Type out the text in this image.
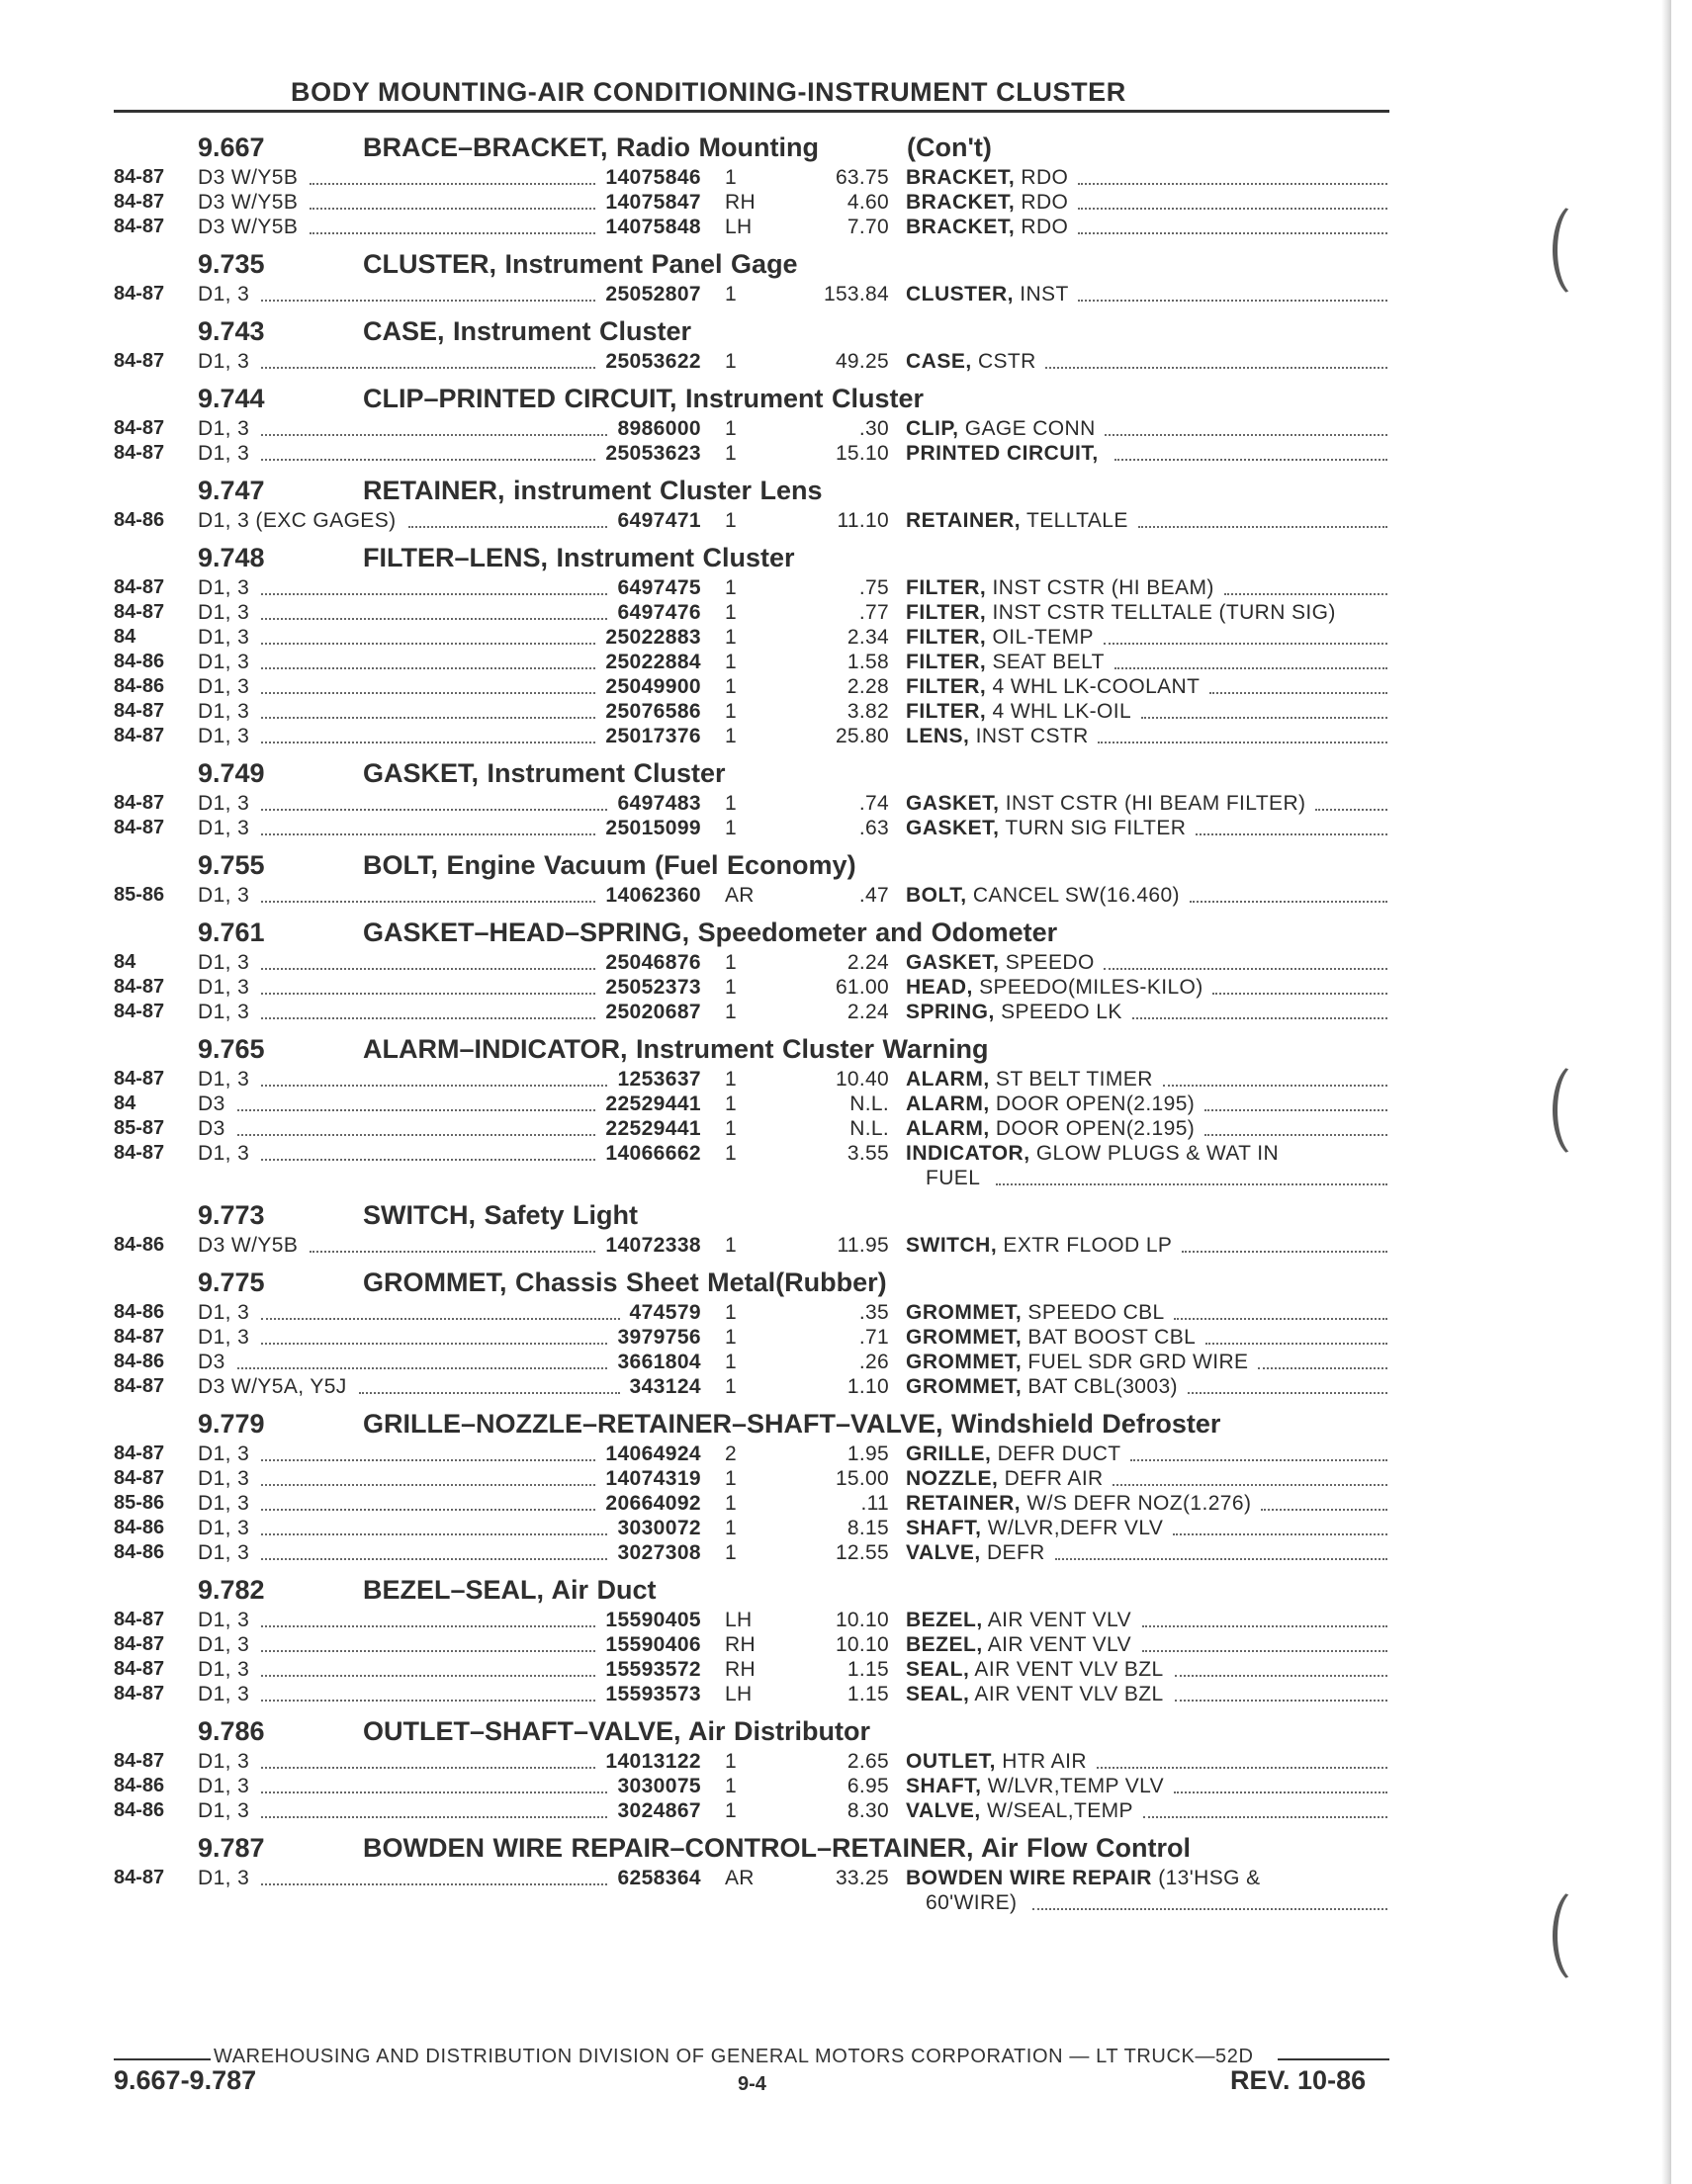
BODY MOUNTING-AIR CONDITIONING-INSTRUMENT CLUSTER
9.667	BRACE–BRACKET, Radio Mounting	(Con't)
84-87 D3 W/Y5B	14075846 1	63.75 BRACKET, RDO
84-87 D3 W/Y5B	14075847 RH	4.60 BRACKET, RDO
84-87 D3 W/Y5B	14075848 LH	7.70 BRACKET, RDO
9.735	CLUSTER, Instrument Panel Gage
84-87 D1, 3	25052807 1	153.84 CLUSTER, INST
9.743	CASE, Instrument Cluster
84-87 D1, 3	25053622 1	49.25 CASE, CSTR
9.744	CLIP–PRINTED CIRCUIT, Instrument Cluster
84-87 D1, 3	8986000 1	.30 CLIP, GAGE CONN
84-87 D1, 3	25053623 1	15.10 PRINTED CIRCUIT,
9.747	RETAINER, instrument Cluster Lens
84-86 D1, 3 (EXC GAGES)	6497471 1	11.10 RETAINER, TELLTALE
9.748	FILTER–LENS, Instrument Cluster
84-87 D1, 3	6497475 1	.75 FILTER, INST CSTR (HI BEAM)
84-87 D1, 3	6497476 1	.77 FILTER, INST CSTR TELLTALE (TURN SIG)
84	D1, 3	25022883 1	2.34 FILTER, OIL-TEMP
84-86 D1, 3	25022884 1	1.58 FILTER, SEAT BELT
84-86 D1, 3	25049900 1	2.28 FILTER, 4 WHL LK-COOLANT
84-87 D1, 3	25076586 1	3.82 FILTER, 4 WHL LK-OIL
84-87 D1, 3	25017376 1	25.80 LENS, INST CSTR
9.749	GASKET, Instrument Cluster
84-87 D1, 3	6497483 1	.74 GASKET, INST CSTR (HI BEAM FILTER)
84-87 D1, 3	25015099 1	.63 GASKET, TURN SIG FILTER
9.755	BOLT, Engine Vacuum (Fuel Economy)
85-86 D1, 3	14062360 AR	.47 BOLT, CANCEL SW(16.460)
9.761	GASKET–HEAD–SPRING, Speedometer and Odometer
84	D1, 3	25046876 1	2.24 GASKET, SPEEDO
84-87 D1, 3	25052373 1	61.00 HEAD, SPEEDO(MILES-KILO)
84-87 D1, 3	25020687 1	2.24 SPRING, SPEEDO LK
9.765	ALARM–INDICATOR, Instrument Cluster Warning
84-87 D1, 3	1253637 1	10.40 ALARM, ST BELT TIMER
84	D3	22529441 1	N.L. ALARM, DOOR OPEN(2.195)
85-87 D3	22529441 1	N.L. ALARM, DOOR OPEN(2.195)
84-87 D1, 3	14066662 1	3.55 INDICATOR, GLOW PLUGS & WAT IN
FUEL
9.773	SWITCH, Safety Light
84-86 D3 W/Y5B	14072338 1	11.95 SWITCH, EXTR FLOOD LP
9.775	GROMMET, Chassis Sheet Metal(Rubber)
84-86 D1, 3	474579 1	.35 GROMMET, SPEEDO CBL
84-87 D1, 3	3979756 1	.71 GROMMET, BAT BOOST CBL
84-86 D3	3661804 1	.26 GROMMET, FUEL SDR GRD WIRE
84-87 D3 W/Y5A, Y5J	343124 1	1.10 GROMMET, BAT CBL(3003)
9.779	GRILLE–NOZZLE–RETAINER–SHAFT–VALVE, Windshield Defroster
84-87 D1, 3	14064924 2	1.95 GRILLE, DEFR DUCT
84-87 D1, 3	14074319 1	15.00 NOZZLE, DEFR AIR
85-86 D1, 3	20664092 1	.11 RETAINER, W/S DEFR NOZ(1.276)
84-86 D1, 3	3030072 1	8.15 SHAFT, W/LVR,DEFR VLV
84-86 D1, 3	3027308 1	12.55 VALVE, DEFR
9.782	BEZEL–SEAL, Air Duct
84-87 D1, 3	15590405 LH	10.10 BEZEL, AIR VENT VLV
84-87 D1, 3	15590406 RH	10.10 BEZEL, AIR VENT VLV
84-87 D1, 3	15593572 RH	1.15 SEAL, AIR VENT VLV BZL
84-87 D1, 3	15593573 LH	1.15 SEAL, AIR VENT VLV BZL
9.786	OUTLET–SHAFT–VALVE, Air Distributor
84-87 D1, 3	14013122 1	2.65 OUTLET, HTR AIR
84-86 D1, 3	3030075 1	6.95 SHAFT, W/LVR,TEMP VLV
84-86 D1, 3	3024867 1	8.30 VALVE, W/SEAL,TEMP
9.787	BOWDEN WIRE REPAIR–CONTROL–RETAINER, Air Flow Control
84-87 D1, 3	6258364 AR	33.25 BOWDEN WIRE REPAIR (13'HSG &
60'WIRE)
WAREHOUSING AND DISTRIBUTION DIVISION OF GENERAL MOTORS CORPORATION — LT TRUCK—52D
9.667-9.787	9-4	REV. 10-86
